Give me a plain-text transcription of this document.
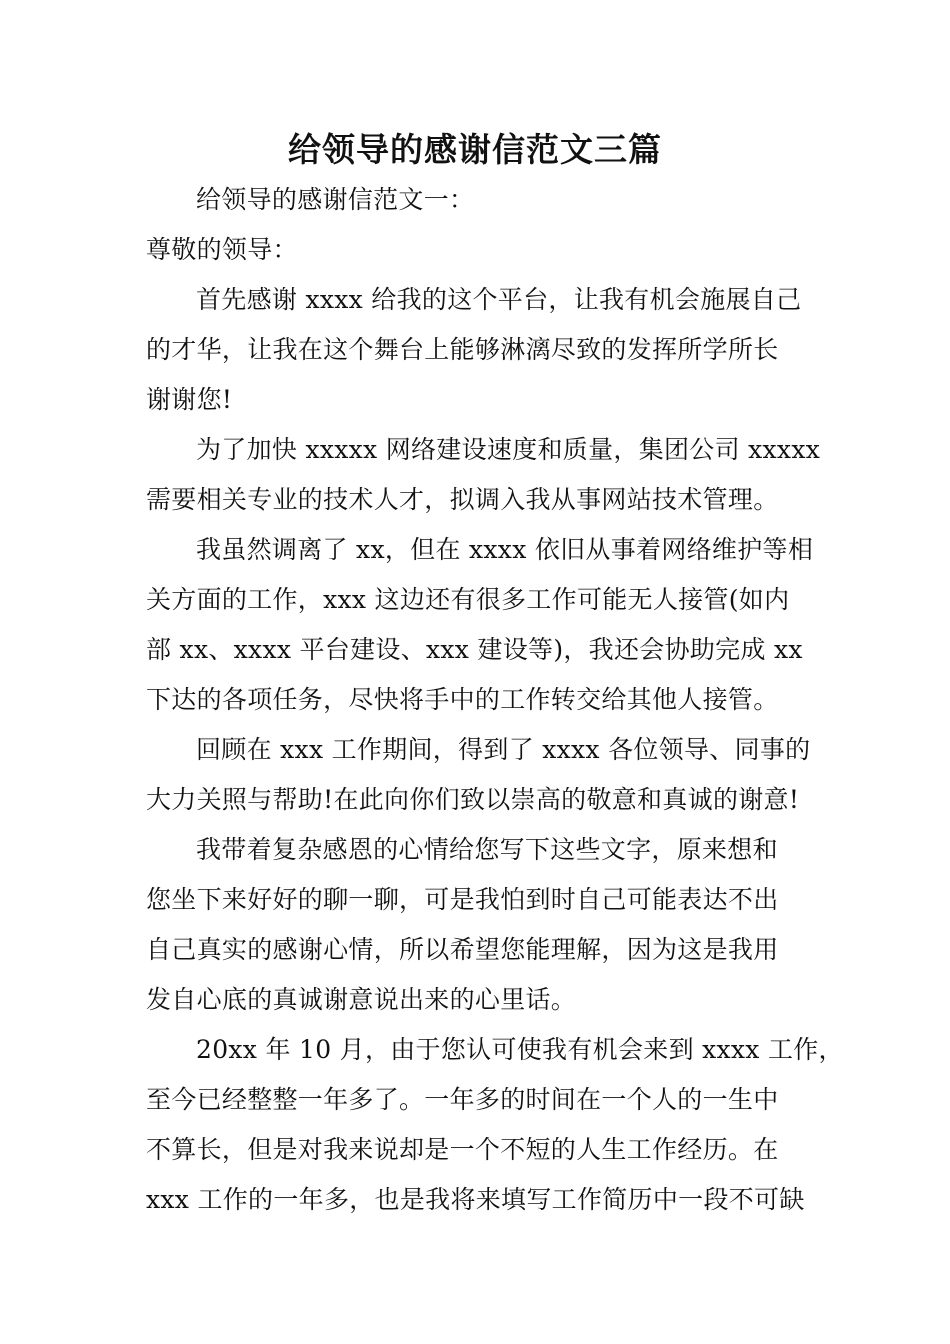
给领导的感谢信范文三篇
给领导的感谢信范文一：
尊敬的领导：
首先感谢 xxxx 给我的这个平台，让我有机会施展自己
的才华，让我在这个舞台上能够淋漓尽致的发挥所学所长
谢谢您!
为了加快 xxxxx 网络建设速度和质量，集团公司 xxxxx
需要相关专业的技术人才，拟调入我从事网站技术管理。
我虽然调离了 xx，但在 xxxx 依旧从事着网络维护等相
关方面的工作，xxx 这边还有很多工作可能无人接管(如内
部 xx、xxxx 平台建设、xxx 建设等)，我还会协助完成 xx
下达的各项任务，尽快将手中的工作转交给其他人接管。
回顾在 xxx 工作期间，得到了 xxxx 各位领导、同事的
大力关照与帮助!在此向你们致以崇高的敬意和真诚的谢意!
我带着复杂感恩的心情给您写下这些文字，原来想和
您坐下来好好的聊一聊，可是我怕到时自己可能表达不出
自己真实的感谢心情，所以希望您能理解，因为这是我用
发自心底的真诚谢意说出来的心里话。
20xx 年 10 月，由于您认可使我有机会来到 xxxx 工作，
至今已经整整一年多了。一年多的时间在一个人的一生中
不算长，但是对我来说却是一个不短的人生工作经历。在
xxx 工作的一年多，也是我将来填写工作简历中一段不可缺
